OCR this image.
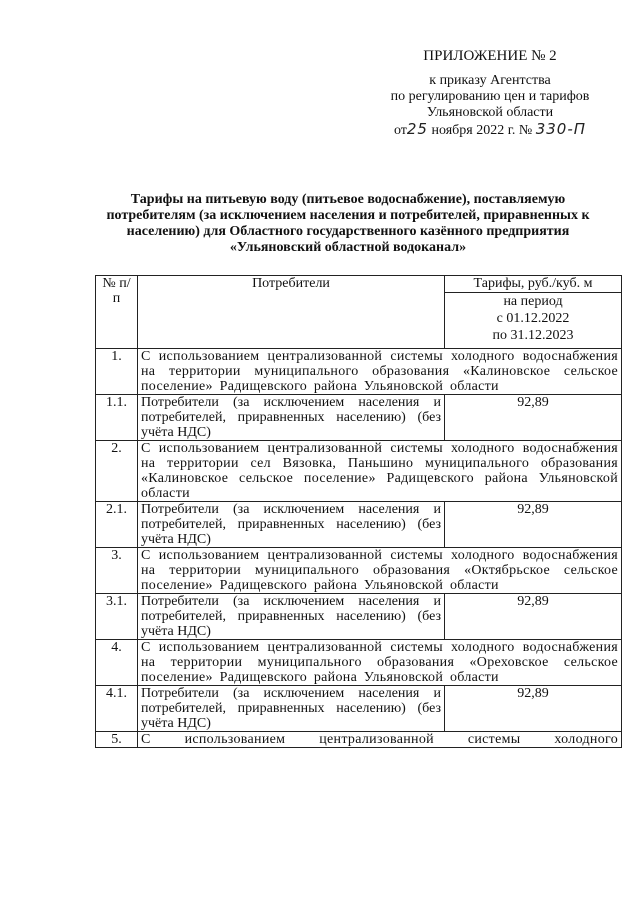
ПРИЛОЖЕНИЕ № 2
к приказу Агентства
по регулированию цен и тарифов
Ульяновской области
от25 ноября 2022 г. № 330-П
Тарифы на питьевую воду (питьевое водоснабжение), поставляемую потребителям (за исключением населения и потребителей, приравненных к населению) для Областного государственного казённого предприятия «Ульяновский областной водоканал»
№ п/п	Потребители	Тарифы, руб./куб. м

		на период
с 01.12.2022
по 31.12.2023

1.	С использованием централизованной системы холодного водоснабжения на территории муниципального образования «Калиновское сельское поселение» Радищевского района Ульяновской области	
1.1.	Потребители (за исключением населения и потребителей, приравненных населению) (без учёта НДС)	92,89
2.	С использованием централизованной системы холодного водоснабжения на территории сел Вязовка, Паньшино муниципального образования «Калиновское сельское поселение» Радищевского района Ульяновской области	
2.1.	Потребители (за исключением населения и потребителей, приравненных населению) (без учёта НДС)	92,89
3.	С использованием централизованной системы холодного водоснабжения на территории муниципального образования «Октябрьское сельское поселение» Радищевского района Ульяновской области	
3.1.	Потребители (за исключением населения и потребителей, приравненных населению) (без учёта НДС)	92,89
4.	С использованием централизованной системы холодного водоснабжения на территории муниципального образования «Ореховское сельское поселение» Радищевского района Ульяновской области	
4.1.	Потребители (за исключением населения и потребителей, приравненных населению) (без учёта НДС)	92,89
5.	С использованием централизованной системы холодного	
